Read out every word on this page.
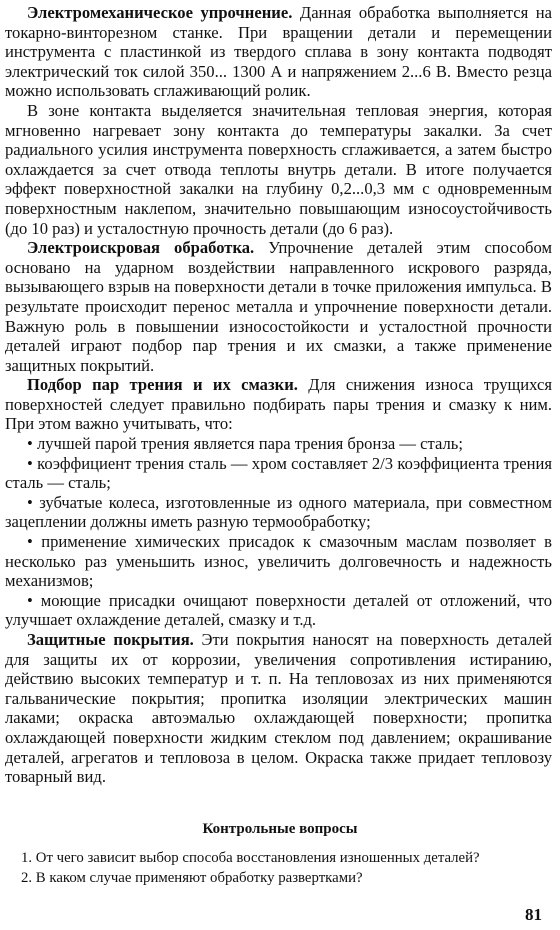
Электромеханическое упрочнение. Данная обработка выполняется на токарно-винторезном станке. При вращении детали и перемещении инструмента с пластинкой из твердого сплава в зону контакта подводят электрический ток силой 350... 1300 А и напряжением 2...6 В. Вместо резца можно использовать сглаживающий ролик.

В зоне контакта выделяется значительная тепловая энергия, которая мгновенно нагревает зону контакта до температуры закалки. За счет радиального усилия инструмента поверхность сглаживается, а затем быстро охлаждается за счет отвода теплоты внутрь детали. В итоге получается эффект поверхностной закалки на глубину 0,2...0,3 мм с одновременным поверхностным наклепом, значительно повышающим износоустойчивость (до 10 раз) и усталостную прочность детали (до 6 раз).

Электроискровая обработка. Упрочнение деталей этим способом основано на ударном воздействии направленного искрового разряда, вызывающего взрыв на поверхности детали в точке приложения импульса. В результате происходит перенос металла и упрочнение поверхности детали. Важную роль в повышении износостойкости и усталостной прочности деталей играют подбор пар трения и их смазки, а также применение защитных покрытий.

Подбор пар трения и их смазки. Для снижения износа трущихся поверхностей следует правильно подбирать пары трения и смазку к ним. При этом важно учитывать, что:

• лучшей парой трения является пара трения бронза — сталь;

• коэффициент трения сталь — хром составляет 2/3 коэффициента трения сталь — сталь;

• зубчатые колеса, изготовленные из одного материала, при совместном зацеплении должны иметь разную термообработку;

• применение химических присадок к смазочным маслам позволяет в несколько раз уменьшить износ, увеличить долговечность и надежность механизмов;

• моющие присадки очищают поверхности деталей от отложений, что улучшает охлаждение деталей, смазку и т.д.

Защитные покрытия. Эти покрытия наносят на поверхность деталей для защиты их от коррозии, увеличения сопротивления истиранию, действию высоких температур и т. п. На тепловозах из них применяются гальванические покрытия; пропитка изоляции электрических машин лаками; окраска автоэмалью охлаждающей поверхности; пропитка охлаждающей поверхности жидким стеклом под давлением; окрашивание деталей, агрегатов и тепловоза в целом. Окраска также придает тепловозу товарный вид.

Контрольные вопросы

1. От чего зависит выбор способа восстановления изношенных деталей?

2. В каком случае применяют обработку развертками?

81
